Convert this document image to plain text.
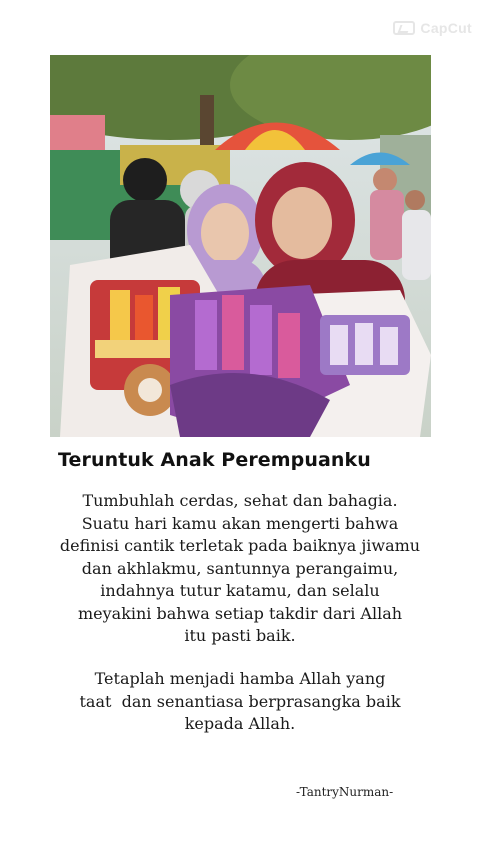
CapCut
Teruntuk Anak Perempuanku

Tumbuhlah cerdas, sehat dan bahagia.
Suatu hari kamu akan mengerti bahwa
definisi cantik terletak pada baiknya jiwamu
dan akhlakmu, santunnya perangaimu,
indahnya tutur katamu, dan selalu
meyakini bahwa setiap takdir dari Allah
itu pasti baik.

Tetaplah menjadi hamba Allah yang
taat  dan senantiasa berprasangka baik
kepada Allah.

-TantryNurman-
